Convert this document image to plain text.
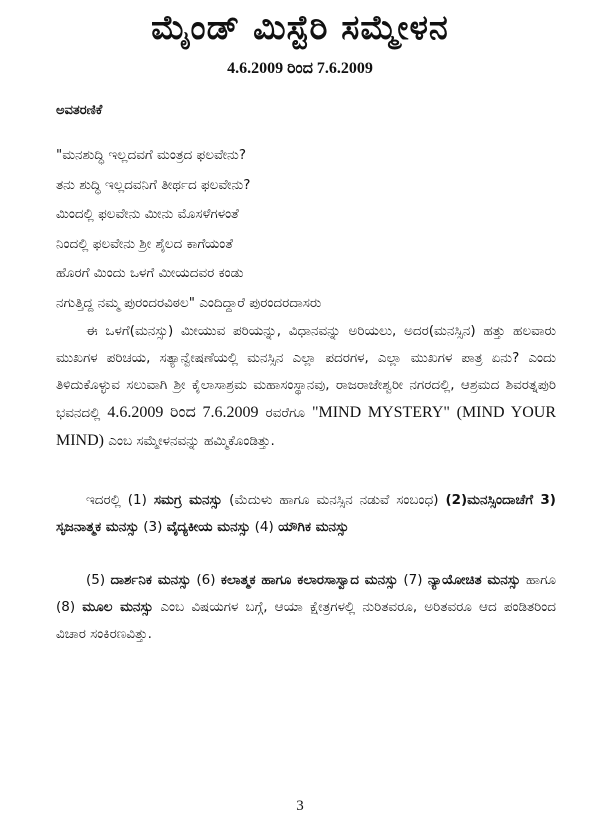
ಮೈಂಡ್ ಮಿಸ್ಟೆರಿ ಸಮ್ಮೇಳನ
4.6.2009 ರಿಂದ 7.6.2009
ಅವತರಣಿಕೆ
"ಮನಶುದ್ಧಿ ಇಲ್ಲದವಗೆ ಮಂತ್ರದ ಫಲವೇನು?
ತನು ಶುದ್ಧಿ ಇಲ್ಲದವನಿಗೆ ತೀರ್ಥದ ಫಲವೇನು?
ಮಿಂದಲ್ಲಿ ಫಲವೇನು ಮೀನು ಮೊಸಳೆಗಳಂತೆ
ನಿಂದಲ್ಲಿ ಫಲವೇನು ಶ್ರೀ ಶೈಲದ ಕಾಗೆಯಂತೆ
ಹೊರಗೆ ಮಿಂದು ಒಳಗೆ ಮೀಯದವರ ಕಂಡು
ನಗುತ್ತಿದ್ದ ನಮ್ಮ ಪುರಂದರವಿಠಲ" ಎಂದಿದ್ದಾರೆ ಪುರಂದರದಾಸರು

ಈ ಒಳಗೆ(ಮನಸ್ಸು) ಮೀಯುವ ಪರಿಯನ್ನು, ವಿಧಾನವನ್ನು ಅರಿಯಲು, ಅದರ(ಮನಸ್ಸಿನ) ಹತ್ತು ಹಲವಾರು ಮುಖಗಳ ಪರಿಚಯ, ಸತ್ಯಾನ್ವೇಷಣೆಯಲ್ಲಿ ಮನಸ್ಸಿನ ಎಲ್ಲಾ ಪದರಗಳ, ಎಲ್ಲಾ ಮುಖಗಳ ಪಾತ್ರ ಏನು? ಎಂದು ತಿಳಿದುಕೊಳ್ಳುವ ಸಲುವಾಗಿ ಶ್ರೀ ಕೈಲಾಸಾಶ್ರಮ ಮಹಾಸಂಸ್ಥಾನವು, ರಾಜರಾಜೇಶ್ವರೀ ನಗರದಲ್ಲಿ, ಆಶ್ರಮದ ಶಿವರತ್ನಪುರಿ ಭವನದಲ್ಲಿ 4.6.2009 ರಿಂದ 7.6.2009 ರವರೆಗೂ "MIND MYSTERY" (MIND YOUR MIND) ಎಂಬ ಸಮ್ಮೇಳನವನ್ನು ಹಮ್ಮಿಕೊಂಡಿತ್ತು.

ಇದರಲ್ಲಿ (1) ಸಮಗ್ರ ಮನಸ್ಸು (ಮೆದುಳು ಹಾಗೂ ಮನಸ್ಸಿನ ನಡುವೆ ಸಂಬಂಧ) (2)ಮನಸ್ಸಿಂದಾಚೆಗೆ 3) ಸೃಜನಾತ್ಮಕ ಮನಸ್ಸು (3) ವೈದ್ಯಕೀಯ ಮನಸ್ಸು (4) ಯೌಗಿಕ ಮನಸ್ಸು

(5) ದಾರ್ಶನಿಕ ಮನಸ್ಸು (6) ಕಲಾತ್ಮಕ ಹಾಗೂ ಕಲಾರಸಾಸ್ವಾದ ಮನಸ್ಸು (7) ನ್ಯಾಯೋಚಿತ ಮನಸ್ಸು ಹಾಗೂ (8) ಮೂಲ ಮನಸ್ಸು ಎಂಬ ವಿಷಯಗಳ ಬಗ್ಗೆ, ಆಯಾ ಕ್ಷೇತ್ರಗಳಲ್ಲಿ ನುರಿತವರೂ, ಅರಿತವರೂ ಆದ ಪಂಡಿತರಿಂದ ವಿಚಾರ ಸಂಕಿರಣವಿತ್ತು.

3
